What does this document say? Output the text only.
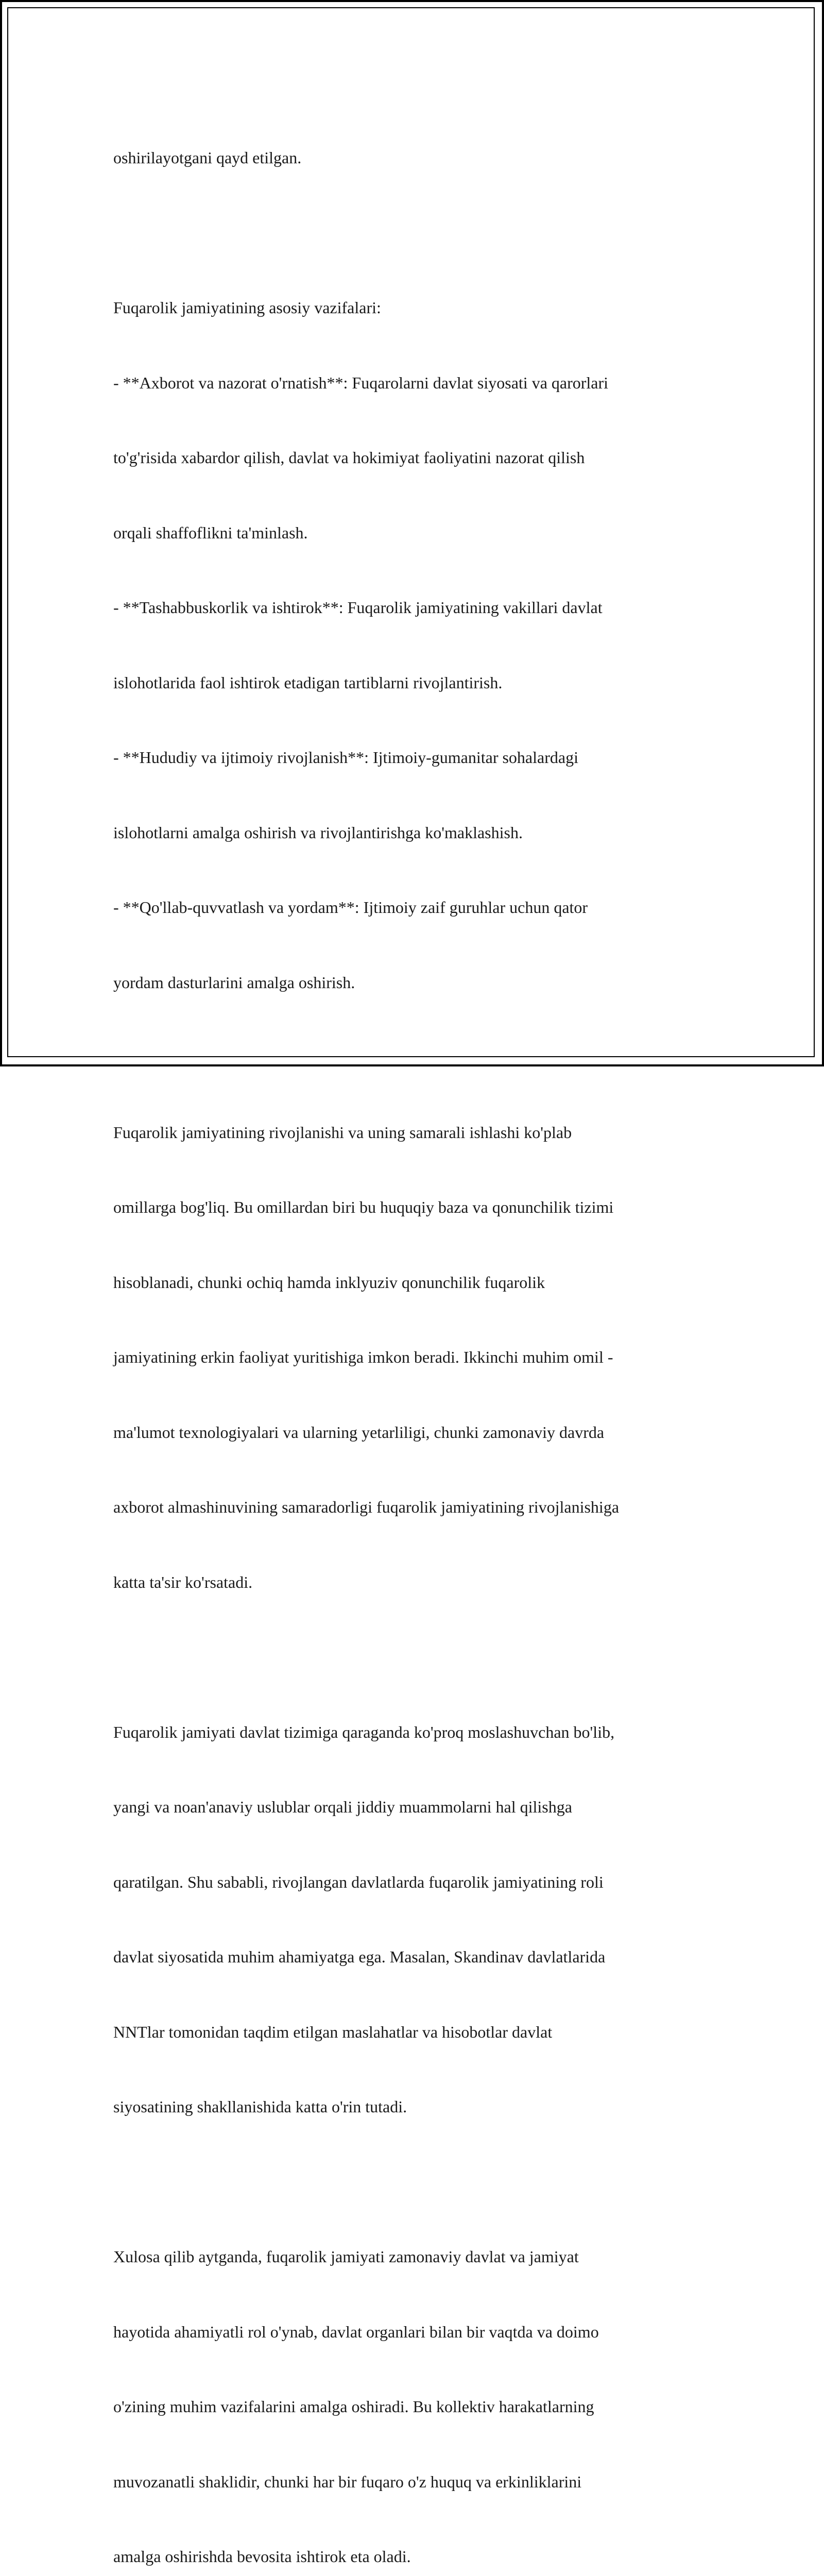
oshirilayotgani qayd etilgan.

Fuqarolik jamiyatining asosiy vazifalari:

- **Axborot va nazorat o'rnatish**: Fuqarolarni davlat siyosati va qarorlari

to'g'risida xabardor qilish, davlat va hokimiyat faoliyatini nazorat qilish

orqali shaffoflikni ta'minlash.

- **Tashabbuskorlik va ishtirok**: Fuqarolik jamiyatining vakillari davlat

islohotlarida faol ishtirok etadigan tartiblarni rivojlantirish.

- **Hududiy va ijtimoiy rivojlanish**: Ijtimoiy-gumanitar sohalardagi

islohotlarni amalga oshirish va rivojlantirishga ko'maklashish.

- **Qo'llab-quvvatlash va yordam**: Ijtimoiy zaif guruhlar uchun qator

yordam dasturlarini amalga oshirish.

Fuqarolik jamiyatining rivojlanishi va uning samarali ishlashi ko'plab

omillarga bog'liq. Bu omillardan biri bu huquqiy baza va qonunchilik tizimi

hisoblanadi, chunki ochiq hamda inklyuziv qonunchilik fuqarolik

jamiyatining erkin faoliyat yuritishiga imkon beradi. Ikkinchi muhim omil -

ma'lumot texnologiyalari va ularning yetarliligi, chunki zamonaviy davrda

axborot almashinuvining samaradorligi fuqarolik jamiyatining rivojlanishiga

katta ta'sir ko'rsatadi.

Fuqarolik jamiyati davlat tizimiga qaraganda ko'proq moslashuvchan bo'lib,

yangi va noan'anaviy uslublar orqali jiddiy muammolarni hal qilishga

qaratilgan. Shu sababli, rivojlangan davlatlarda fuqarolik jamiyatining roli

davlat siyosatida muhim ahamiyatga ega. Masalan, Skandinav davlatlarida

NNTlar tomonidan taqdim etilgan maslahatlar va hisobotlar davlat

siyosatining shakllanishida katta o'rin tutadi.

Xulosa qilib aytganda, fuqarolik jamiyati zamonaviy davlat va jamiyat

hayotida ahamiyatli rol o'ynab, davlat organlari bilan bir vaqtda va doimo

o'zining muhim vazifalarini amalga oshiradi. Bu kollektiv harakatlarning

muvozanatli shaklidir, chunki har bir fuqaro o'z huquq va erkinliklarini

amalga oshirishda bevosita ishtirok eta oladi.
